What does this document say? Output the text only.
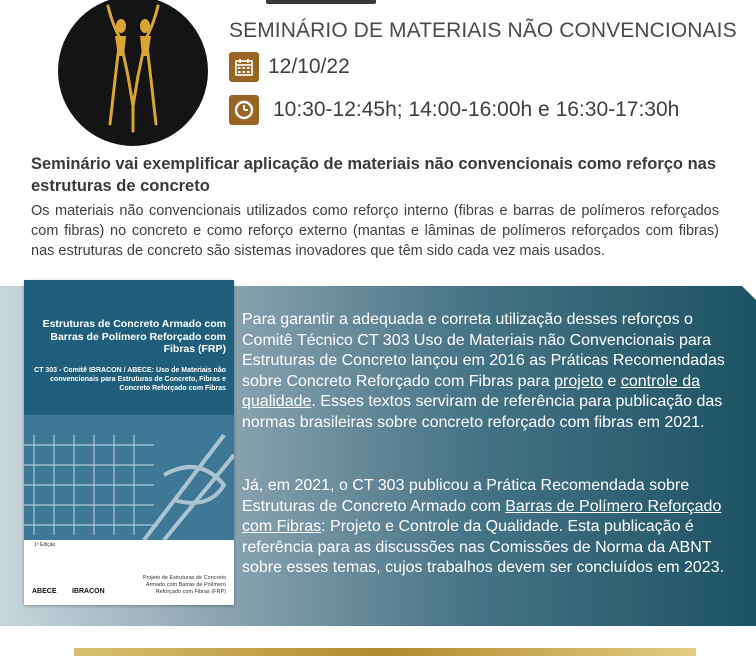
SEMINÁRIO DE MATERIAIS NÃO CONVENCIONAIS
12/10/22
10:30-12:45h; 14:00-16:00h e 16:30-17:30h
Seminário vai exemplificar aplicação de materiais não convencionais como reforço nas estruturas de concreto
Os materiais não convencionais utilizados como reforço interno (fibras e barras de polímeros reforçados com fibras) no concreto e como reforço externo (mantas e lâminas de polímeros reforçados com fibras) nas estruturas de concreto são sistemas inovadores que têm sido cada vez mais usados.
Estruturas de Concreto Armado com Barras de Polímero Reforçado com Fibras (FRP)
CT 303 - Comitê IBRACON / ABECE: Uso de Materiais não convencionais para Estruturas de Concreto, Fibras e Concreto Reforçado com Fibras
1ª Edição
ABECE IBRACON
Projeto de Estruturas de Concreto Armado com Barras de Polímero Reforçado com Fibras (FRP)
Para garantir a adequada e correta utilização desses reforços o Comitê Técnico CT 303 Uso de Materiais não Convencionais para Estruturas de Concreto lançou em 2016 as Práticas Recomendadas sobre Concreto Reforçado com Fibras para projeto e controle da qualidade. Esses textos serviram de referência para publicação das normas brasileiras sobre concreto reforçado com fibras em 2021.
Já, em 2021, o CT 303 publicou a Prática Recomendada sobre Estruturas de Concreto Armado com Barras de Polímero Reforçado com Fibras: Projeto e Controle da Qualidade. Esta publicação é referência para as discussões nas Comissões de Norma da ABNT sobre esses temas, cujos trabalhos devem ser concluídos em 2023.
